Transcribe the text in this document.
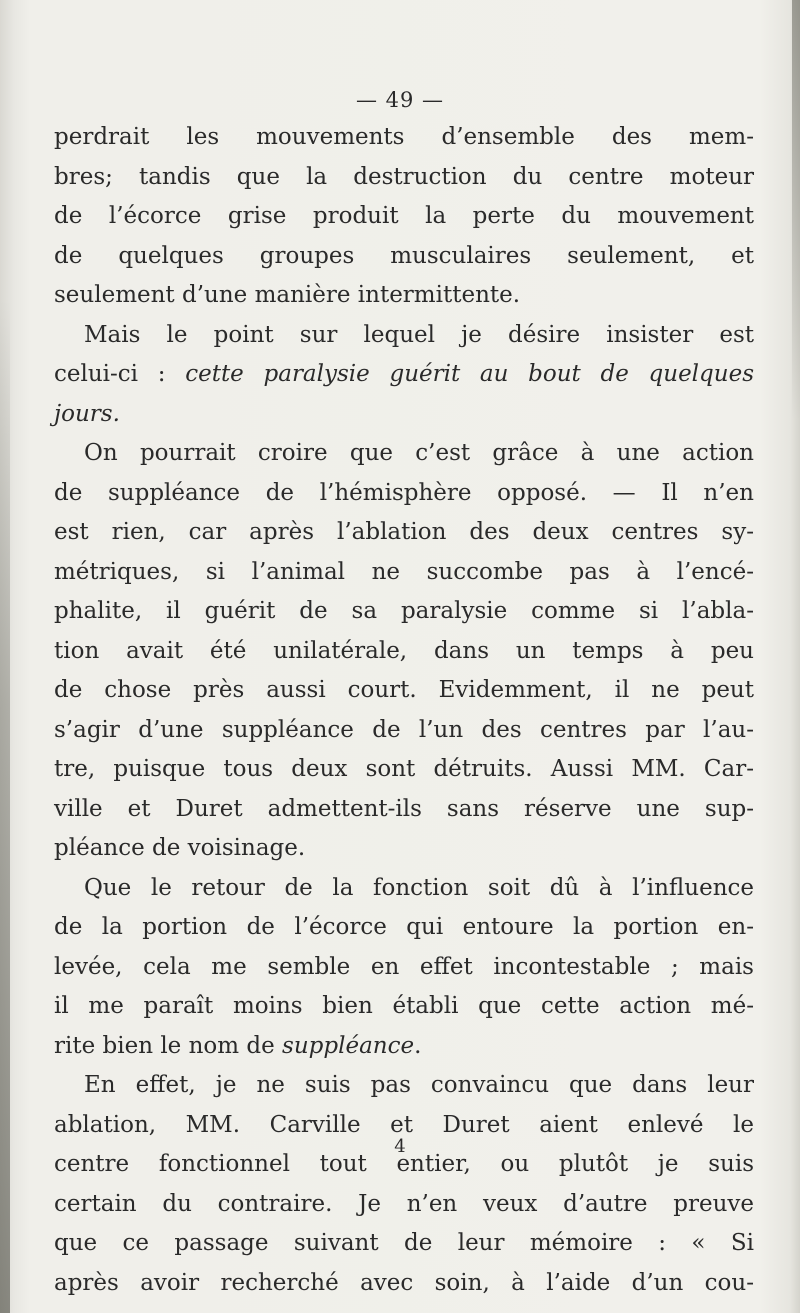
— 49 —
perdrait les mouvements d’ensemble des mem-
bres; tandis que la destruction du centre moteur
de l’écorce grise produit la perte du mouvement
de quelques groupes musculaires seulement, et
seulement d’une manière intermittente.
Mais le point sur lequel je désire insister est
celui-ci : cette paralysie guérit au bout de quelques
jours.
On pourrait croire que c’est grâce à une action
de suppléance de l’hémisphère opposé. — Il n’en
est rien, car après l’ablation des deux centres sy-
métriques, si l’animal ne succombe pas à l’encé-
phalite, il guérit de sa paralysie comme si l’abla-
tion avait été unilatérale, dans un temps à peu
de chose près aussi court. Evidemment, il ne peut
s’agir d’une suppléance de l’un des centres par l’au-
tre, puisque tous deux sont détruits. Aussi MM. Car-
ville et Duret admettent-ils sans réserve une sup-
pléance de voisinage.
Que le retour de la fonction soit dû à l’influence
de la portion de l’écorce qui entoure la portion en-
levée, cela me semble en effet incontestable ; mais
il me paraît moins bien établi que cette action mé-
rite bien le nom de suppléance.
En effet, je ne suis pas convaincu que dans leur
ablation, MM. Carville et Duret aient enlevé le
centre fonctionnel tout entier, ou plutôt je suis
certain du contraire. Je n’en veux d’autre preuve
que ce passage suivant de leur mémoire : « Si
après avoir recherché avec soin, à l’aide d’un cou-
4
